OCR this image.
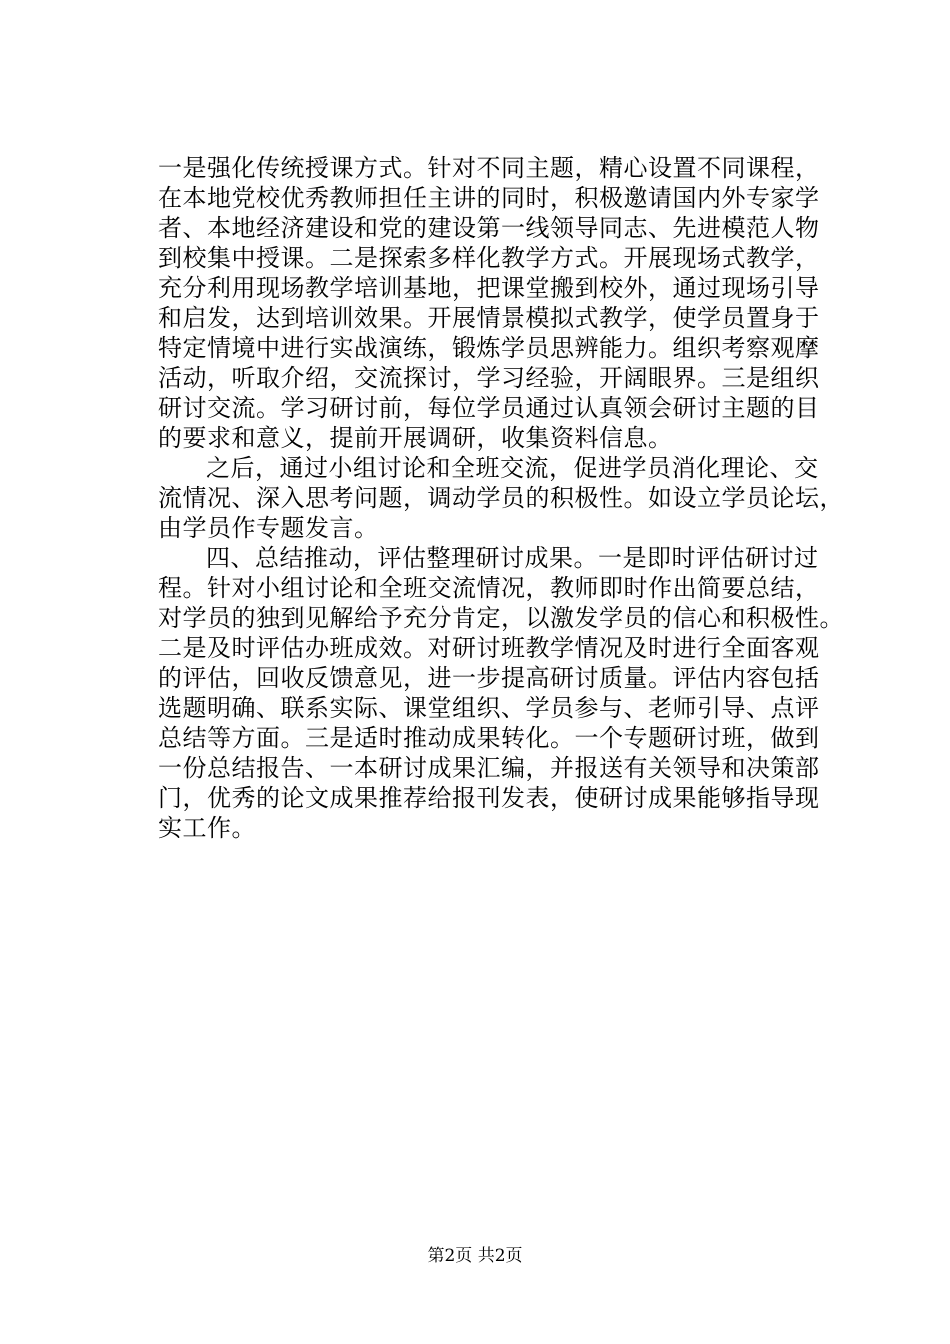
一是强化传统授课方式。针对不同主题，精心设置不同课程，
在本地党校优秀教师担任主讲的同时，积极邀请国内外专家学
者、本地经济建设和党的建设第一线领导同志、先进模范人物
到校集中授课。二是探索多样化教学方式。开展现场式教学，
充分利用现场教学培训基地，把课堂搬到校外，通过现场引导
和启发，达到培训效果。开展情景模拟式教学，使学员置身于
特定情境中进行实战演练，锻炼学员思辨能力。组织考察观摩
活动，听取介绍，交流探讨，学习经验，开阔眼界。三是组织
研讨交流。学习研讨前，每位学员通过认真领会研讨主题的目
的要求和意义，提前开展调研，收集资料信息。
之后，通过小组讨论和全班交流，促进学员消化理论、交
流情况、深入思考问题，调动学员的积极性。如设立学员论坛，
由学员作专题发言。
四、总结推动，评估整理研讨成果。一是即时评估研讨过
程。针对小组讨论和全班交流情况，教师即时作出简要总结，
对学员的独到见解给予充分肯定，以激发学员的信心和积极性。
二是及时评估办班成效。对研讨班教学情况及时进行全面客观
的评估，回收反馈意见，进一步提高研讨质量。评估内容包括
选题明确、联系实际、课堂组织、学员参与、老师引导、点评
总结等方面。三是适时推动成果转化。一个专题研讨班，做到
一份总结报告、一本研讨成果汇编，并报送有关领导和决策部
门，优秀的论文成果推荐给报刊发表，使研讨成果能够指导现
实工作。
第2页 共2页
